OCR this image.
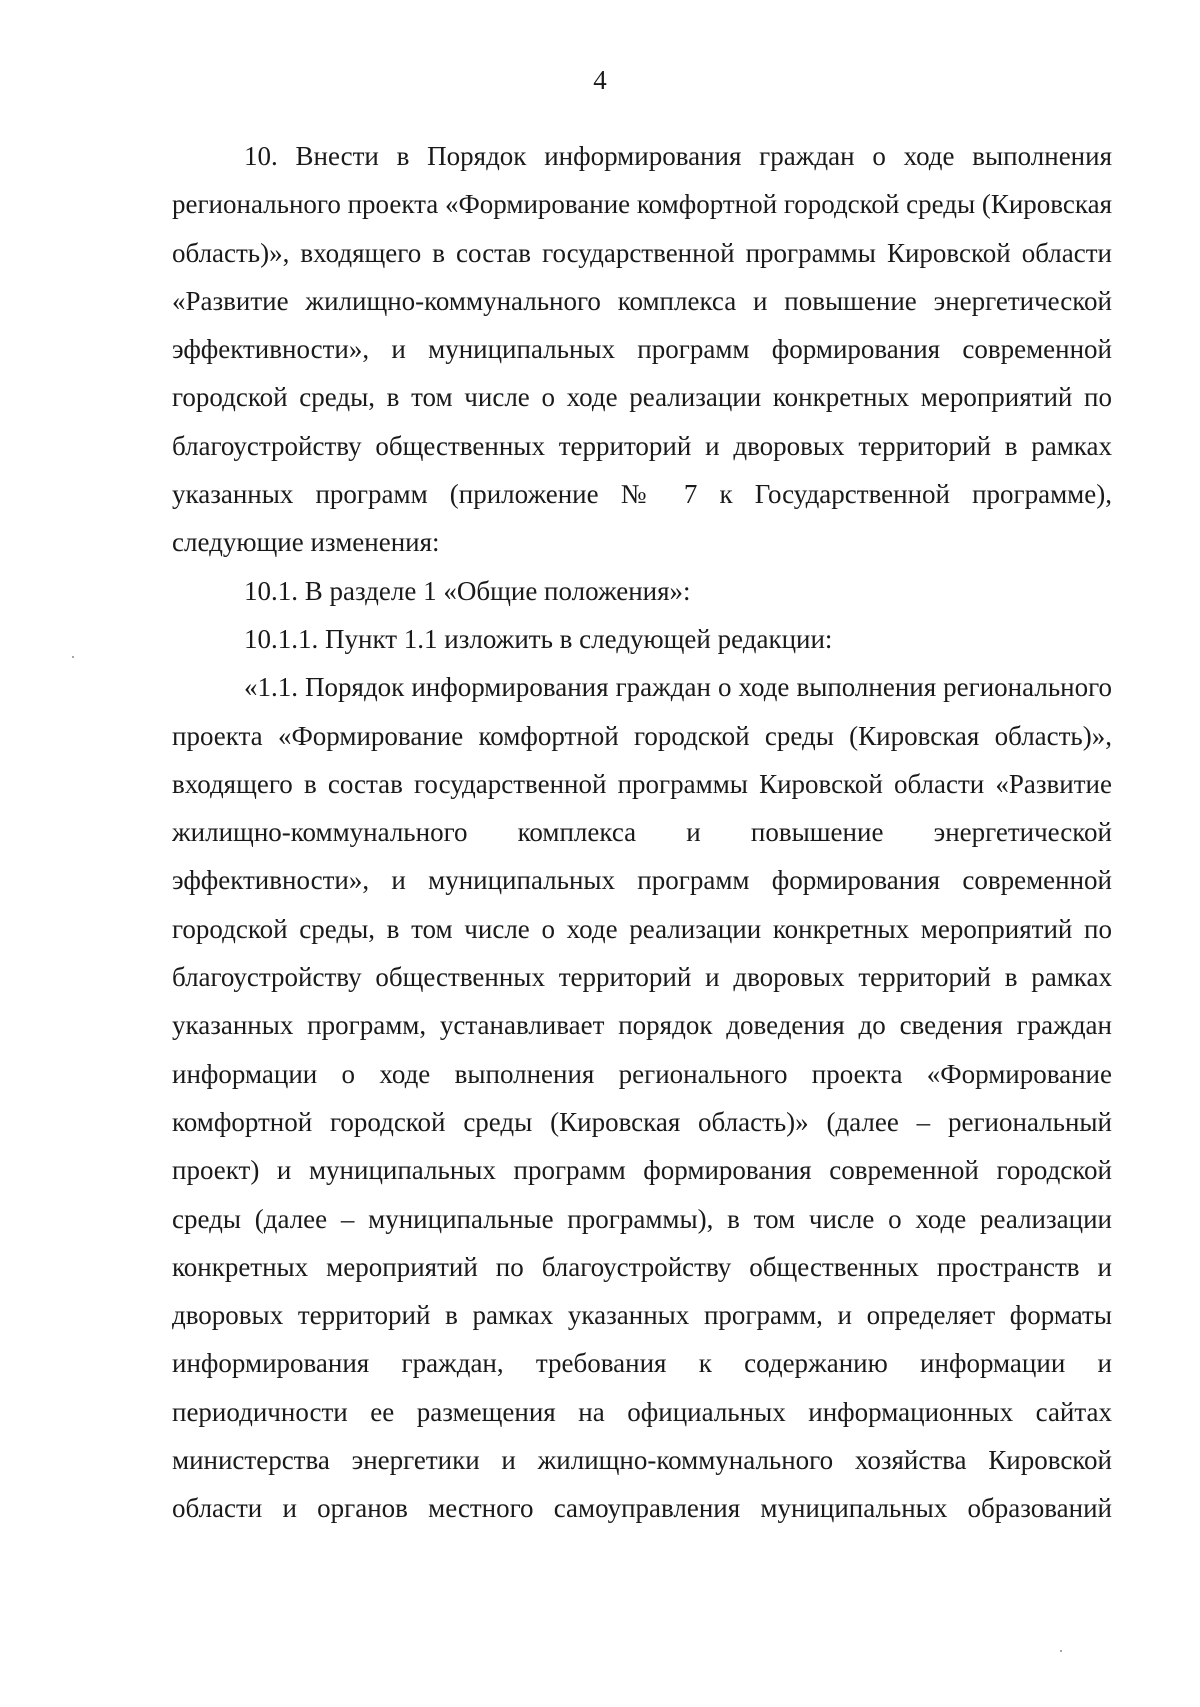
4

10. Внести в Порядок информирования граждан о ходе выполнения регионального проекта «Формирование комфортной городской среды (Кировская область)», входящего в состав государственной программы Кировской области «Развитие жилищно-коммунального комплекса и повышение энергетической эффективности», и муниципальных программ формирования современной городской среды, в том числе о ходе реализации конкретных мероприятий по благоустройству общественных территорий и дворовых территорий в рамках указанных программ (приложение № 7 к Государственной программе), следующие изменения:

10.1. В разделе 1 «Общие положения»:

10.1.1. Пункт 1.1 изложить в следующей редакции:

«1.1. Порядок информирования граждан о ходе выполнения регионального проекта «Формирование комфортной городской среды (Кировская область)», входящего в состав государственной программы Кировской области «Развитие жилищно-коммунального комплекса и повышение энергетической эффективности», и муниципальных программ формирования современной городской среды, в том числе о ходе реализации конкретных мероприятий по благоустройству общественных территорий и дворовых территорий в рамках указанных программ, устанавливает порядок доведения до сведения граждан информации о ходе выполнения регионального проекта «Формирование комфортной городской среды (Кировская область)» (далее – региональный проект) и муниципальных программ формирования современной городской среды (далее – муниципальные программы), в том числе о ходе реализации конкретных мероприятий по благоустройству общественных пространств и дворовых территорий в рамках указанных программ, и определяет форматы информирования граждан, требования к содержанию информации и периодичности ее размещения на официальных информационных сайтах министерства энергетики и жилищно-коммунального хозяйства Кировской области и органов местного самоуправления муниципальных образований
